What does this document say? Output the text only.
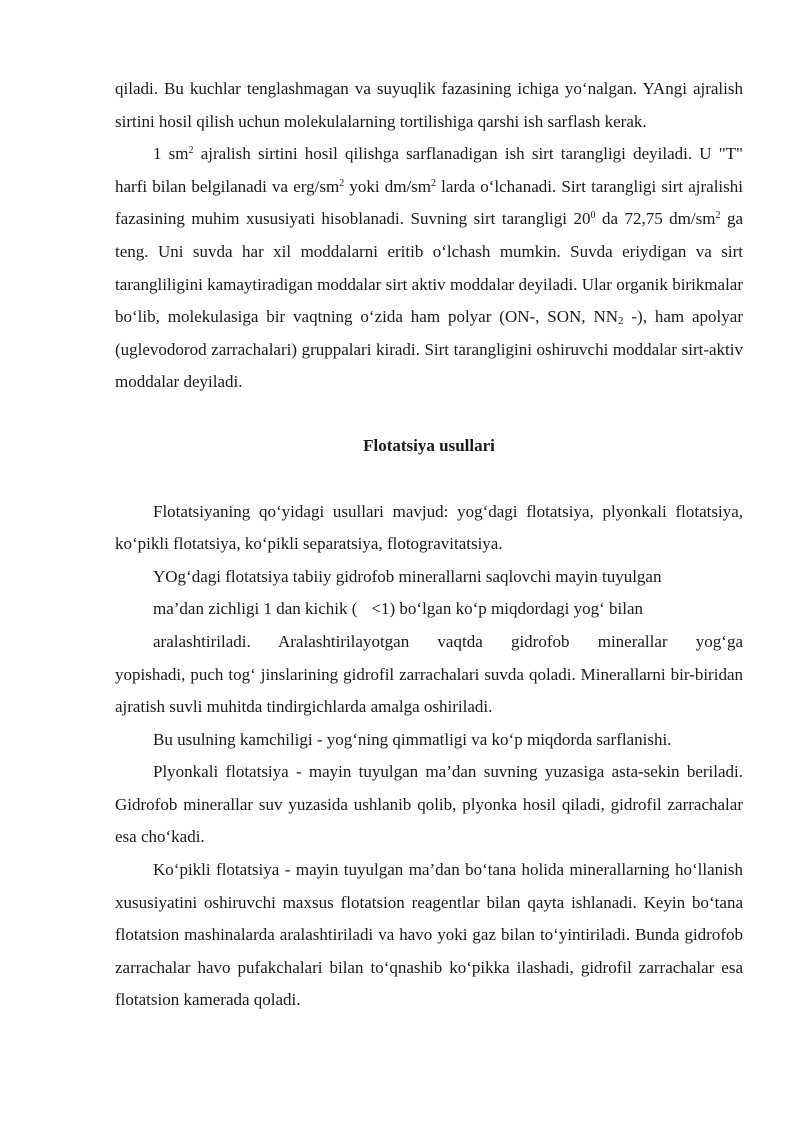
qiladi. Bu kuchlar tenglashmagan va suyuqlik fazasining ichiga yo‘nalgan. YAngi ajralish sirtini hosil qilish uchun molekulalarning tortilishiga qarshi ish sarflash kerak.

1 $sm^2$ ajralish sirtini hosil qilishga sarflanadigan ish sirt tarangligi deyiladi. U "T" harfi bilan belgilanadi va erg/$sm^2$ yoki $dm/sm^2$ larda o‘lchanadi. Sirt tarangligi sirt ajralishi fazasining muhim xususiyati hisoblanadi. Suvning sirt tarangligi $20^0$ da 72,75 $dm/sm^2$ ga teng. Uni suvda har xil moddalarni eritib o‘lchash mumkin. Suvda eriydigan va sirt tarangliligini kamaytiradigan moddalar sirt aktiv moddalar deyiladi. Ular organik birikmalar bo‘lib, molekulasiga bir vaqtning o‘zida ham polyar (ON-, SON, $NN_2$ -), ham apolyar (uglevodorod zarrachalari) gruppalari kiradi. Sirt tarangligini oshiruvchi moddalar sirt-aktiv moddalar deyiladi.

Flotatsiya usullari

Flotatsiyaning qo‘yidagi usullari mavjud: yog‘dagi flotatsiya, plyonkali flotatsiya, ko‘pikli flotatsiya, ko‘pikli separatsiya, flotogravitatsiya.

YOg‘dagi flotatsiya tabiiy gidrofob minerallarni saqlovchi mayin tuyulgan

ma’dan zichligi 1 dan kichik ( <1) bo‘lgan ko‘p miqdordagi yog‘ bilan

aralashtiriladi. Aralashtirilayotgan vaqtda gidrofob minerallar yog‘ga

yopishadi, puch tog‘ jinslarining gidrofil zarrachalari suvda qoladi. Minerallarni bir-biridan ajratish suvli muhitda tindirgichlarda amalga oshiriladi.

Bu usulning kamchiligi - yog‘ning qimmatligi va ko‘p miqdorda sarflanishi.

Plyonkali flotatsiya - mayin tuyulgan ma’dan suvning yuzasiga asta-sekin beriladi. Gidrofob minerallar suv yuzasida ushlanib qolib, plyonka hosil qiladi, gidrofil zarrachalar esa cho‘kadi.

Ko‘pikli flotatsiya - mayin tuyulgan ma’dan bo‘tana holida minerallarning ho‘llanish xususiyatini oshiruvchi maxsus flotatsion reagentlar bilan qayta ishlanadi. Keyin bo‘tana flotatsion mashinalarda aralashtiriladi va havo yoki gaz bilan to‘yintiriladi. Bunda gidrofob zarrachalar havo pufakchalari bilan to‘qnashib ko‘pikka ilashadi, gidrofil zarrachalar esa flotatsion kamerada qoladi.
